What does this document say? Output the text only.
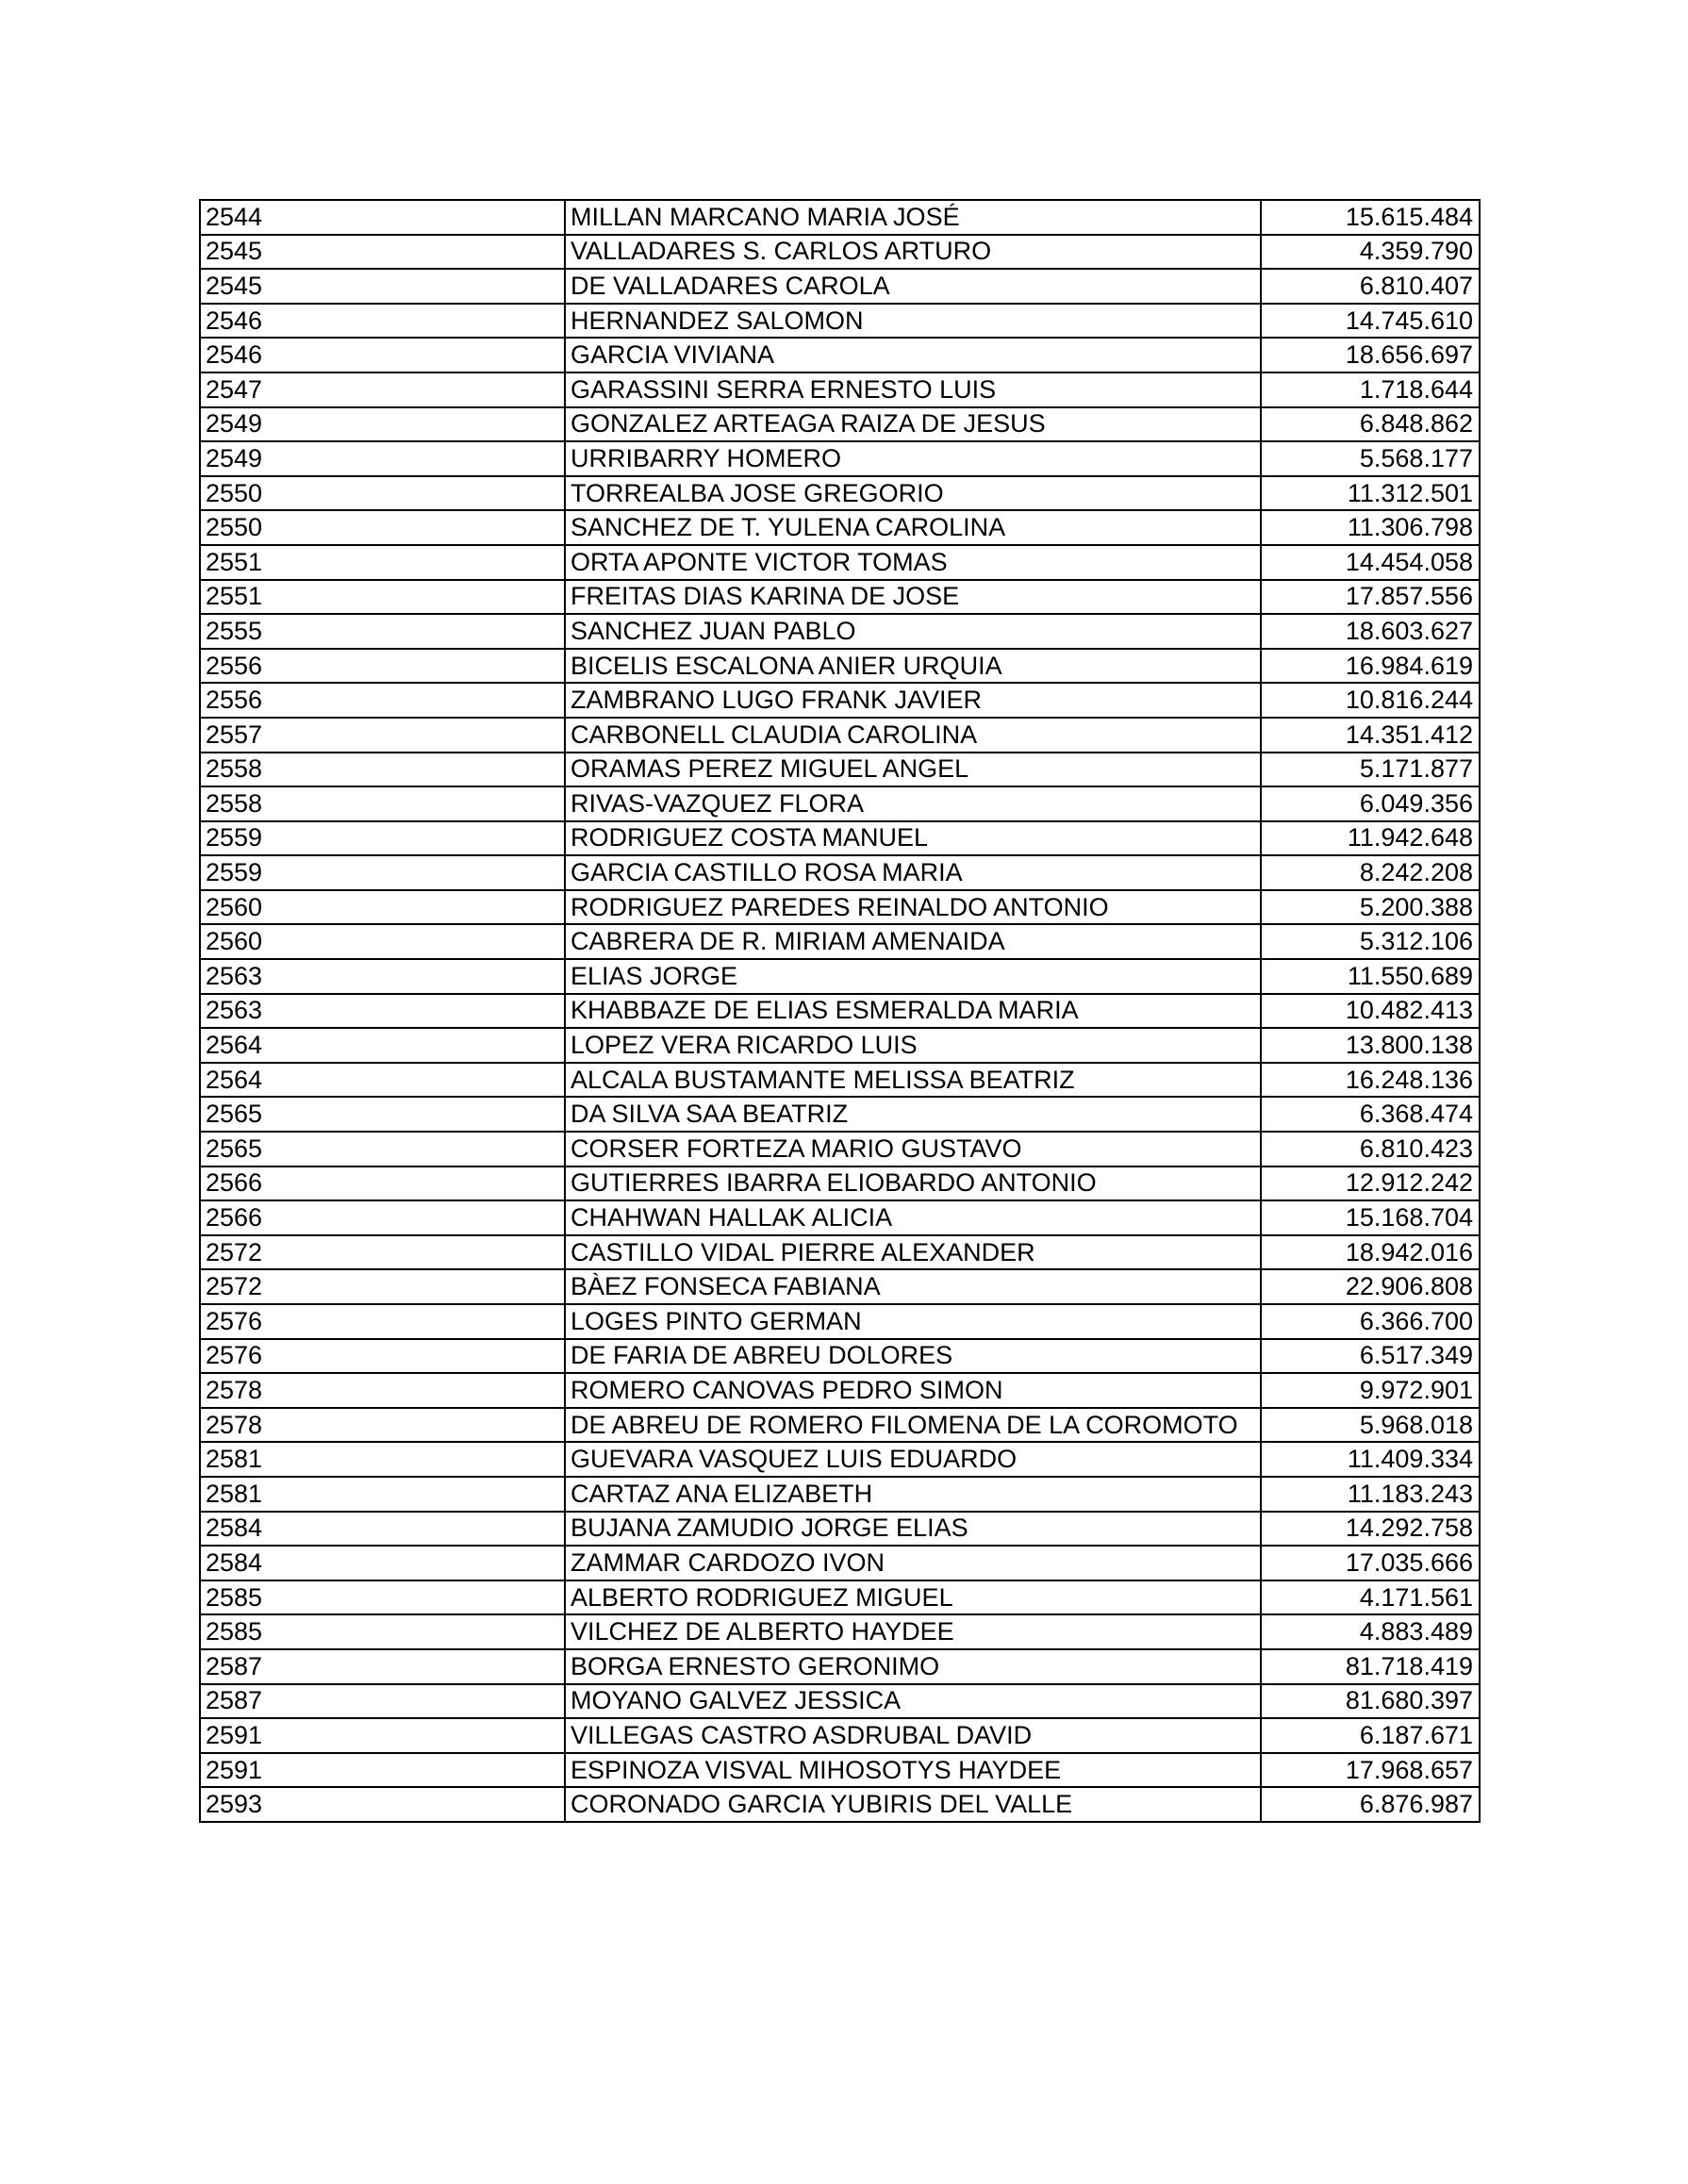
2544	MILLAN MARCANO MARIA JOSÉ	15.615.484
2545	VALLADARES S. CARLOS ARTURO	4.359.790
2545	DE VALLADARES CAROLA	6.810.407
2546	HERNANDEZ SALOMON	14.745.610
2546	GARCIA VIVIANA	18.656.697
2547	GARASSINI SERRA ERNESTO LUIS	1.718.644
2549	GONZALEZ ARTEAGA RAIZA DE JESUS	6.848.862
2549	URRIBARRY HOMERO	5.568.177
2550	TORREALBA JOSE GREGORIO	11.312.501
2550	SANCHEZ DE T. YULENA CAROLINA	11.306.798
2551	ORTA APONTE VICTOR TOMAS	14.454.058
2551	FREITAS DIAS KARINA DE JOSE	17.857.556
2555	SANCHEZ JUAN PABLO	18.603.627
2556	BICELIS ESCALONA ANIER URQUIA	16.984.619
2556	ZAMBRANO LUGO FRANK JAVIER	10.816.244
2557	CARBONELL CLAUDIA CAROLINA	14.351.412
2558	ORAMAS PEREZ MIGUEL ANGEL	5.171.877
2558	RIVAS-VAZQUEZ FLORA	6.049.356
2559	RODRIGUEZ COSTA MANUEL	11.942.648
2559	GARCIA CASTILLO ROSA MARIA	8.242.208
2560	RODRIGUEZ PAREDES REINALDO ANTONIO	5.200.388
2560	CABRERA DE R. MIRIAM AMENAIDA	5.312.106
2563	ELIAS JORGE	11.550.689
2563	KHABBAZE DE ELIAS ESMERALDA MARIA	10.482.413
2564	LOPEZ VERA RICARDO LUIS	13.800.138
2564	ALCALA BUSTAMANTE MELISSA BEATRIZ	16.248.136
2565	DA SILVA SAA BEATRIZ	6.368.474
2565	CORSER FORTEZA MARIO GUSTAVO	6.810.423
2566	GUTIERRES IBARRA ELIOBARDO ANTONIO	12.912.242
2566	CHAHWAN HALLAK ALICIA	15.168.704
2572	CASTILLO VIDAL PIERRE ALEXANDER	18.942.016
2572	BÀEZ FONSECA FABIANA	22.906.808
2576	LOGES PINTO GERMAN	6.366.700
2576	DE FARIA DE ABREU DOLORES	6.517.349
2578	ROMERO CANOVAS PEDRO SIMON	9.972.901
2578	DE ABREU DE ROMERO FILOMENA DE LA COROMOTO	5.968.018
2581	GUEVARA VASQUEZ LUIS EDUARDO	11.409.334
2581	CARTAZ ANA ELIZABETH	11.183.243
2584	BUJANA ZAMUDIO JORGE ELIAS	14.292.758
2584	ZAMMAR CARDOZO IVON	17.035.666
2585	ALBERTO RODRIGUEZ MIGUEL	4.171.561
2585	VILCHEZ DE ALBERTO HAYDEE	4.883.489
2587	BORGA ERNESTO GERONIMO	81.718.419
2587	MOYANO GALVEZ JESSICA	81.680.397
2591	VILLEGAS CASTRO ASDRUBAL DAVID	6.187.671
2591	ESPINOZA VISVAL MIHOSOTYS HAYDEE	17.968.657
2593	CORONADO GARCIA YUBIRIS DEL VALLE	6.876.987
